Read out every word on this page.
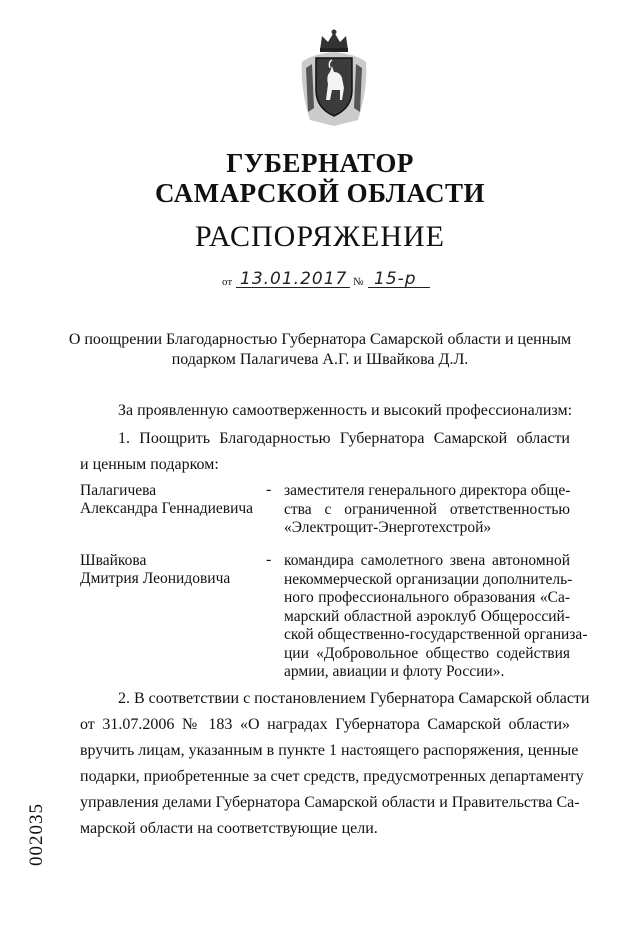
ГУБЕРНАТОР
САМАРСКОЙ ОБЛАСТИ
РАСПОРЯЖЕНИЕ
от 13.01.2017 № 15-р
О поощрении Благодарностью Губернатора Самарской области и ценным
подарком Палагичева А.Г. и Швайкова Д.Л.
За проявленную самоотверженность и высокий профессионализм:
1. Поощрить Благодарностью Губернатора Самарской области
и ценным подарком:
Палагичева
Александра Геннадиевича
- заместителя генерального директора обще-
ства с ограниченной ответственностью
«Электрощит-Энерготехстрой»
Швайкова
Дмитрия Леонидовича
- командира самолетного звена автономной
некоммерческой организации дополнитель-
ного профессионального образования «Са-
марский областной аэроклуб Общероссий-
ской общественно-государственной организа-
ции «Добровольное общество содействия
армии, авиации и флоту России».
2. В соответствии с постановлением Губернатора Самарской области
от 31.07.2006 № 183 «О наградах Губернатора Самарской области»
вручить лицам, указанным в пункте 1 настоящего распоряжения, ценные
подарки, приобретенные за счет средств, предусмотренных департаменту
управления делами Губернатора Самарской области и Правительства Са-
марской области на соответствующие цели.
002035
